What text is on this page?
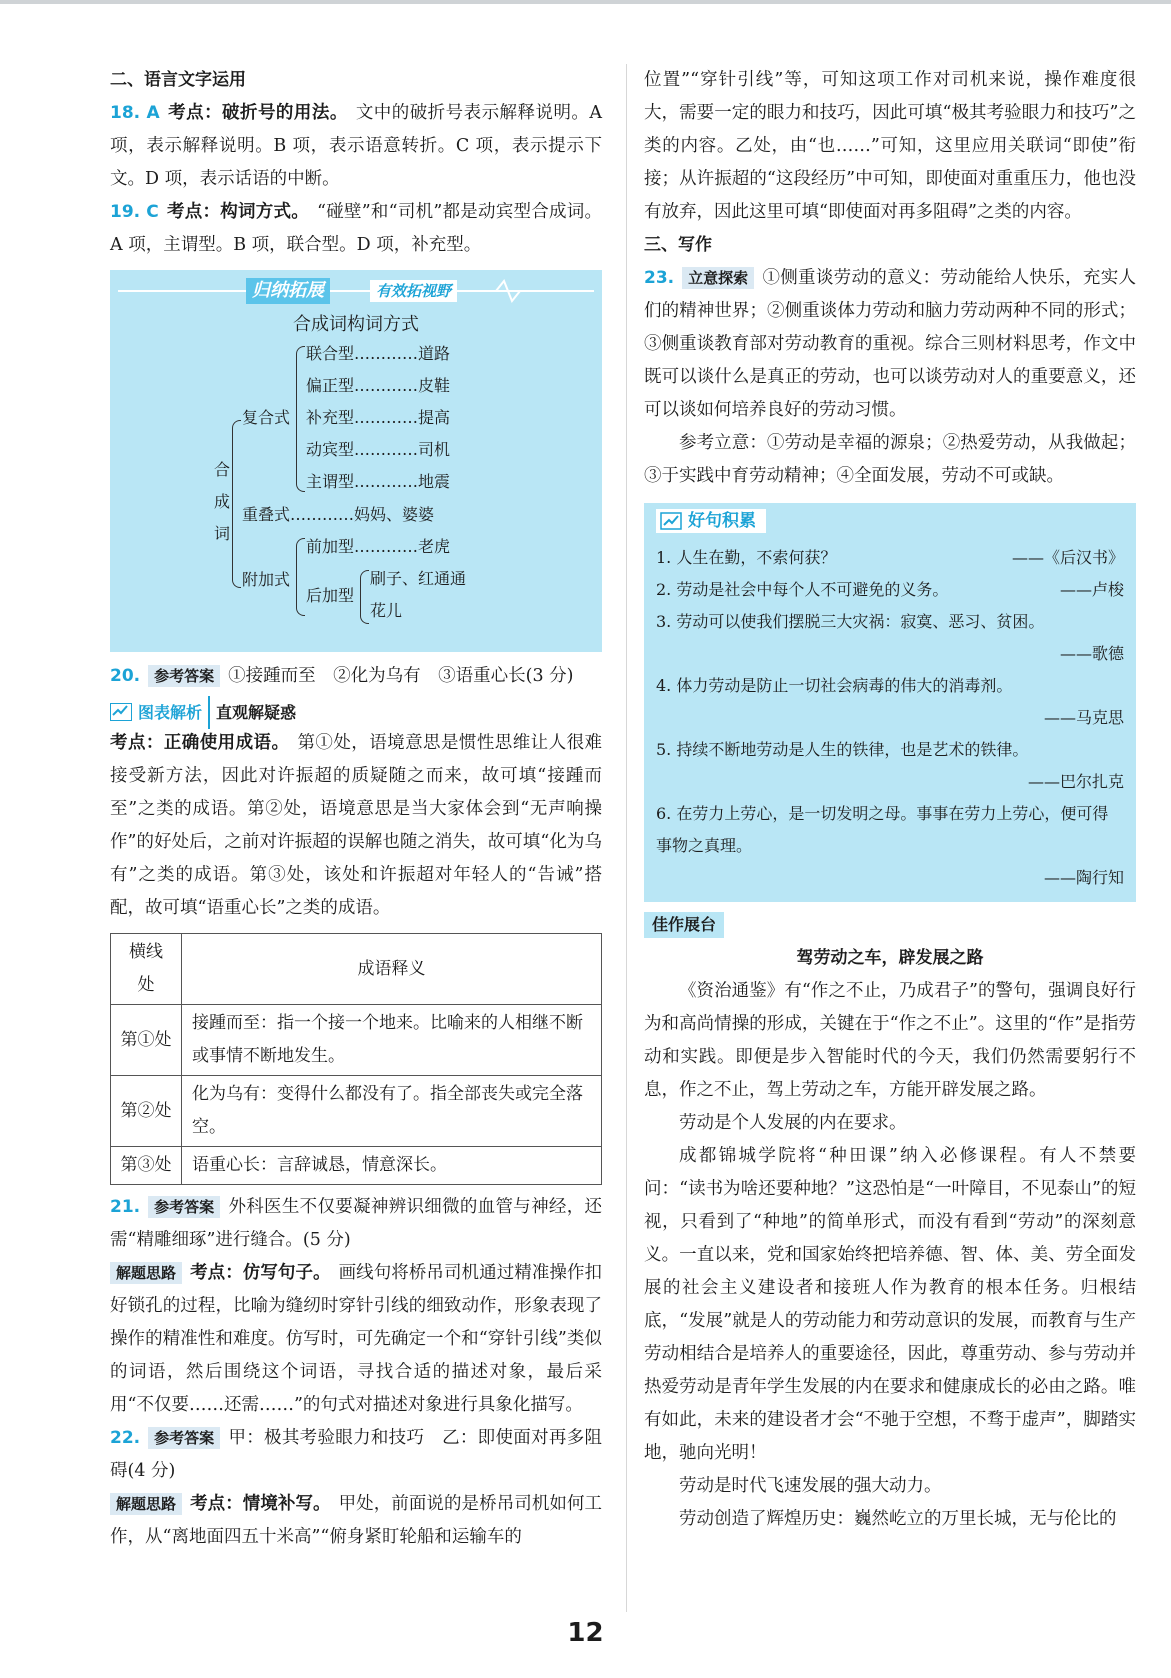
二、语言文字运用

18. A 考点：破折号的用法。 文中的破折号表示解释说明。A 项，表示解释说明。B 项，表示语意转折。C 项，表示提示下文。D 项，表示话语的中断。

19. C 考点：构词方式。 “碰壁”和“司机”都是动宾型合成词。A 项，主谓型。B 项，联合型。D 项，补充型。

归纳拓展	有效拓视野
合成词构词方式
合
成
词
复合式
联合型…………道路
偏正型…………皮鞋
补充型…………提高
动宾型…………司机
主谓型…………地震
重叠式…………妈妈、婆婆
附加式
前加型…………老虎
后加型
刷子、红通通
花儿

20. 参考答案 ①接踵而至　②化为乌有　③语重心长(3 分)

图表解析 直观解疑惑

考点：正确使用成语。 第①处，语境意思是惯性思维让人很难接受新方法，因此对许振超的质疑随之而来，故可填“接踵而至”之类的成语。第②处，语境意思是当大家体会到“无声响操作”的好处后，之前对许振超的误解也随之消失，故可填“化为乌有”之类的成语。第③处，该处和许振超对年轻人的“告诫”搭配，故可填“语重心长”之类的成语。

横线处	成语释义
第①处	接踵而至：指一个接一个地来。比喻来的人相继不断或事情不断地发生。
第②处	化为乌有：变得什么都没有了。指全部丧失或完全落空。
第③处	语重心长：言辞诚恳，情意深长。

21. 参考答案 外科医生不仅要凝神辨识细微的血管与神经，还需“精雕细琢”进行缝合。(5 分)

解题思路 考点：仿写句子。 画线句将桥吊司机通过精准操作扣好锁孔的过程，比喻为缝纫时穿针引线的细致动作，形象表现了操作的精准性和难度。仿写时，可先确定一个和“穿针引线”类似的词语，然后围绕这个词语，寻找合适的描述对象，最后采用“不仅要……还需……”的句式对描述对象进行具象化描写。

22. 参考答案 甲：极其考验眼力和技巧　乙：即使面对再多阻碍(4 分)

解题思路 考点：情境补写。 甲处，前面说的是桥吊司机如何工作，从“离地面四五十米高”“俯身紧盯轮船和运输车的

位置”“穿针引线”等，可知这项工作对司机来说，操作难度很大，需要一定的眼力和技巧，因此可填“极其考验眼力和技巧”之类的内容。乙处，由“也……”可知，这里应用关联词“即使”衔接；从许振超的“这段经历”中可知，即使面对重重压力，他也没有放弃，因此这里可填“即使面对再多阻碍”之类的内容。

三、写作

23. 立意探索 ①侧重谈劳动的意义：劳动能给人快乐，充实人们的精神世界；②侧重谈体力劳动和脑力劳动两种不同的形式；③侧重谈教育部对劳动教育的重视。综合三则材料思考，作文中既可以谈什么是真正的劳动，也可以谈劳动对人的重要意义，还可以谈如何培养良好的劳动习惯。

参考立意：①劳动是幸福的源泉；②热爱劳动，从我做起；③于实践中育劳动精神；④全面发展，劳动不可或缺。

好句积累
1. 人生在勤，不索何获？	——《后汉书》
2. 劳动是社会中每个人不可避免的义务。	——卢梭
3. 劳动可以使我们摆脱三大灾祸：寂寞、恶习、贫困。
——歌德
4. 体力劳动是防止一切社会病毒的伟大的消毒剂。
——马克思
5. 持续不断地劳动是人生的铁律，也是艺术的铁律。
——巴尔扎克
6. 在劳力上劳心，是一切发明之母。事事在劳力上劳心，便可得事物之真理。
——陶行知
佳作展台
驾劳动之车，辟发展之路

《资治通鉴》有“作之不止，乃成君子”的警句，强调良好行为和高尚情操的形成，关键在于“作之不止”。这里的“作”是指劳动和实践。即便是步入智能时代的今天，我们仍然需要躬行不息，作之不止，驾上劳动之车，方能开辟发展之路。

劳动是个人发展的内在要求。

成都锦城学院将“种田课”纳入必修课程。有人不禁要问：“读书为啥还要种地？”这恐怕是“一叶障目，不见泰山”的短视，只看到了“种地”的简单形式，而没有看到“劳动”的深刻意义。一直以来，党和国家始终把培养德、智、体、美、劳全面发展的社会主义建设者和接班人作为教育的根本任务。归根结底，“发展”就是人的劳动能力和劳动意识的发展，而教育与生产劳动相结合是培养人的重要途径，因此，尊重劳动、参与劳动并热爱劳动是青年学生发展的内在要求和健康成长的必由之路。唯有如此，未来的建设者才会“不驰于空想，不骛于虚声”，脚踏实地，驰向光明！

劳动是时代飞速发展的强大动力。

劳动创造了辉煌历史：巍然屹立的万里长城，无与伦比的

12
